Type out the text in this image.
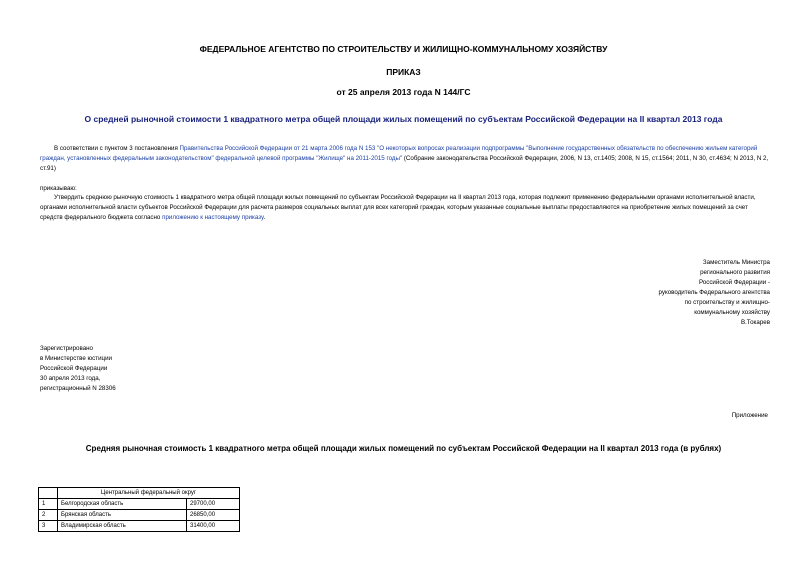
ФЕДЕРАЛЬНОЕ АГЕНТСТВО ПО СТРОИТЕЛЬСТВУ И ЖИЛИЩНО-КОММУНАЛЬНОМУ ХОЗЯЙСТВУ
ПРИКАЗ
от 25 апреля 2013 года N 144/ГС
О средней рыночной стоимости 1 квадратного метра общей площади жилых помещений по субъектам Российской Федерации на II квартал 2013 года
В соответствии с пунктом 3 постановления Правительства Российской Федерации от 21 марта 2006 года N 153 "О некоторых вопросах реализации подпрограммы "Выполнение государственных обязательств по обеспечению жильем категорий граждан, установленных федеральным законодательством" федеральной целевой программы "Жилище" на 2011-2015 годы" (Собрание законодательства Российской Федерации, 2006, N 13, ст.1405; 2008, N 15, ст.1564; 2011, N 30, ст.4634; N 2013, N 2, ст.91)
приказываю:
Утвердить среднюю рыночную стоимость 1 квадратного метра общей площади жилых помещений по субъектам Российской Федерации на II квартал 2013 года, которая подлежит применению федеральными органами исполнительной власти, органами исполнительной власти субъектов Российской Федерации для расчета размеров социальных выплат для всех категорий граждан, которым указанные социальные выплаты предоставляются на приобретение жилых помещений за счет средств федерального бюджета согласно приложению к настоящему приказу.
Заместитель Министра
регионального развития
Российской Федерации -
руководитель Федерального агентства
по строительству и жилищно-
коммунальному хозяйству
В.Токарев
Зарегистрировано
в Министерстве юстиции
Российской Федерации
30 апреля 2013 года,
регистрационный N 28306
Приложение
Средняя рыночная стоимость 1 квадратного метра общей площади жилых помещений по субъектам Российской Федерации на II квартал 2013 года (в рублях)
	Центральный федеральный округ	
1	Белгородская область	29700,00
2	Брянская область	26850,00
3	Владимирская область	31400,00
